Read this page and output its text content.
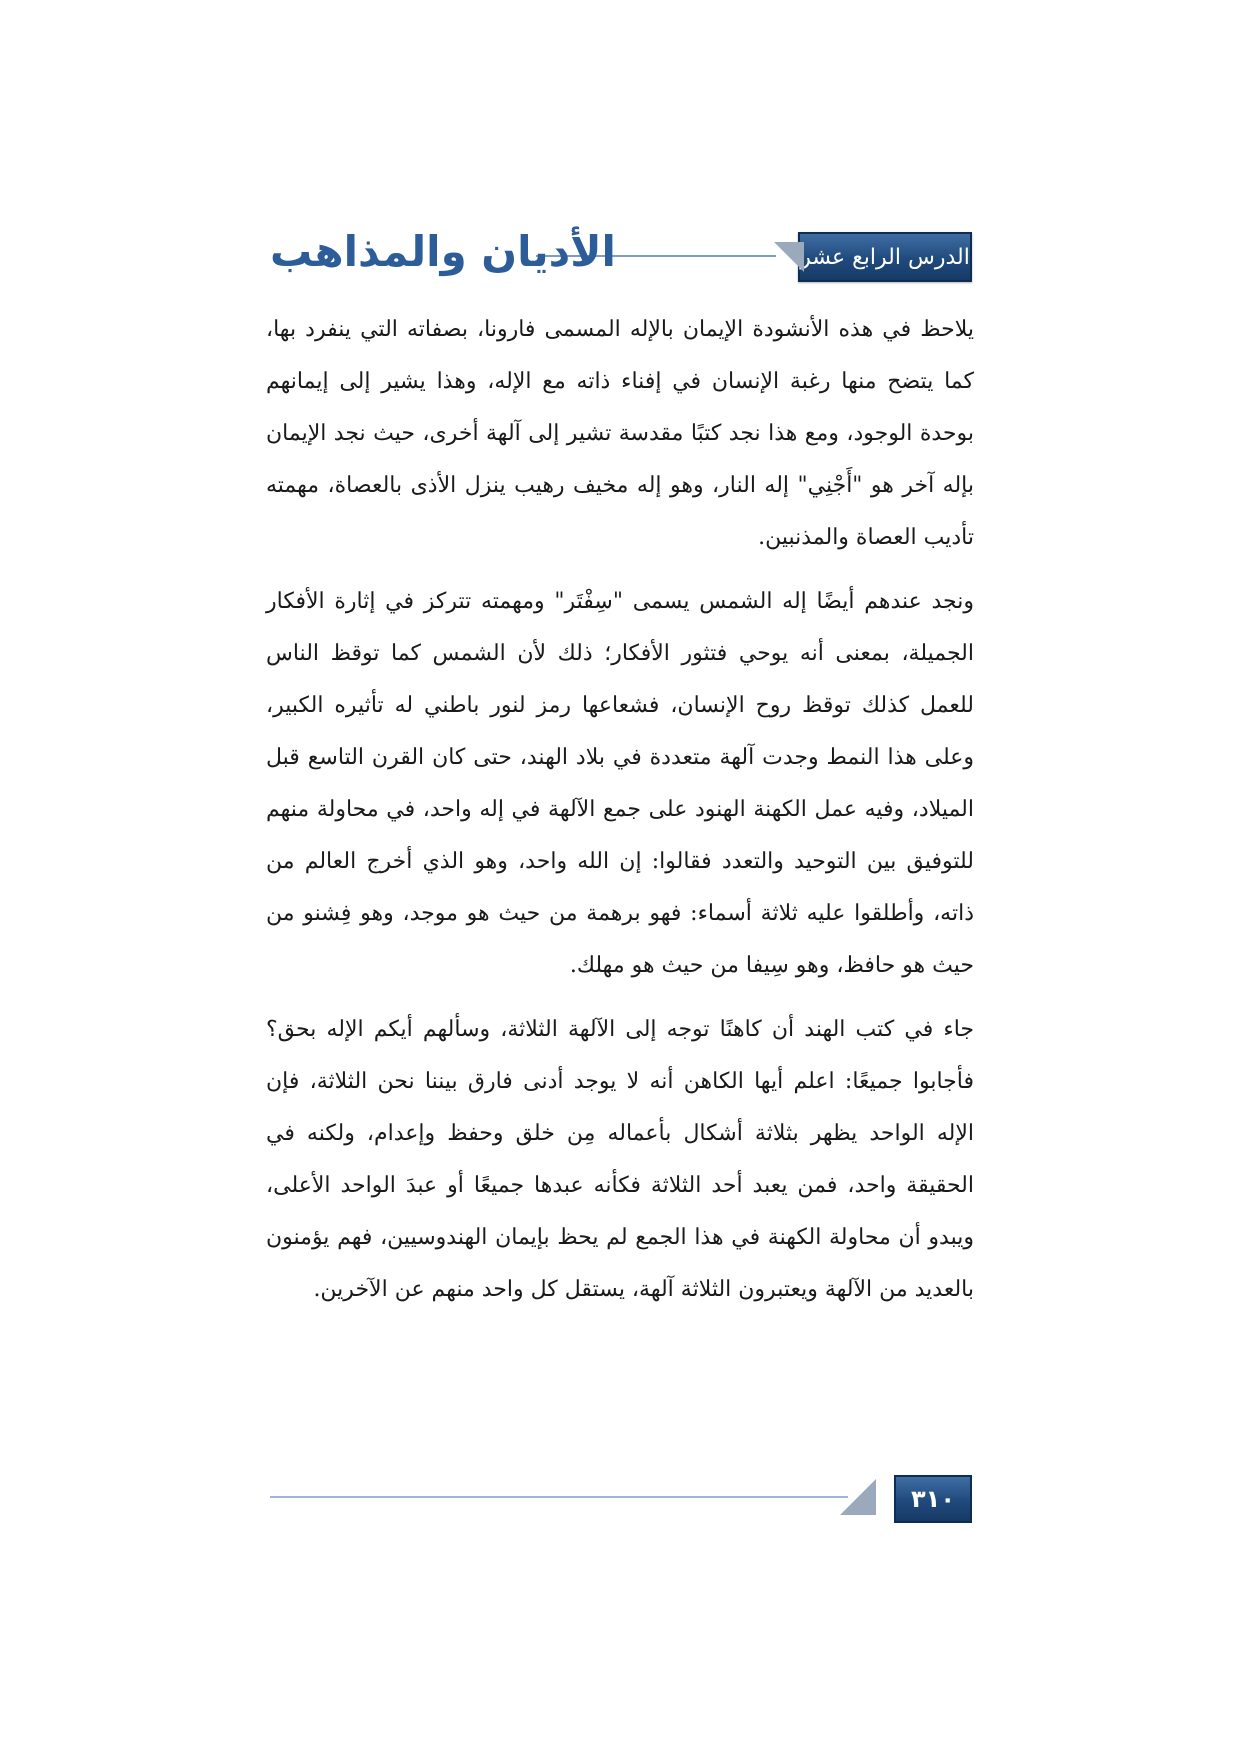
الدرس الرابع عشر
الأديان والمذاهب

يلاحظ في هذه الأنشودة الإيمان بالإله المسمى فارونا، بصفاته التي ينفرد بها، كما يتضح منها رغبة الإنسان في إفناء ذاته مع الإله، وهذا يشير إلى إيمانهم بوحدة الوجود، ومع هذا نجد كتبًا مقدسة تشير إلى آلهة أخرى، حيث نجد الإيمان بإله آخر هو "أَجْنِي" إله النار، وهو إله مخيف رهيب ينزل الأذى بالعصاة، مهمته تأديب العصاة والمذنبين.

ونجد عندهم أيضًا إله الشمس يسمى "سِفْتَر" ومهمته تتركز في إثارة الأفكار الجميلة، بمعنى أنه يوحي فتثور الأفكار؛ ذلك لأن الشمس كما توقظ الناس للعمل كذلك توقظ روح الإنسان، فشعاعها رمز لنور باطني له تأثيره الكبير، وعلى هذا النمط وجدت آلهة متعددة في بلاد الهند، حتى كان القرن التاسع قبل الميلاد، وفيه عمل الكهنة الهنود على جمع الآلهة في إله واحد، في محاولة منهم للتوفيق بين التوحيد والتعدد فقالوا: إن الله واحد، وهو الذي أخرج العالم من ذاته، وأطلقوا عليه ثلاثة أسماء: فهو برهمة من حيث هو موجد، وهو فِشنو من حيث هو حافظ، وهو سِيفا من حيث هو مهلك.

جاء في كتب الهند أن كاهنًا توجه إلى الآلهة الثلاثة، وسألهم أيكم الإله بحق؟ فأجابوا جميعًا: اعلم أيها الكاهن أنه لا يوجد أدنى فارق بيننا نحن الثلاثة، فإن الإله الواحد يظهر بثلاثة أشكال بأعماله مِن خلق وحفظ وإعدام، ولكنه في الحقيقة واحد، فمن يعبد أحد الثلاثة فكأنه عبدها جميعًا أو عبدَ الواحد الأعلى، ويبدو أن محاولة الكهنة في هذا الجمع لم يحظ بإيمان الهندوسيين، فهم يؤمنون بالعديد من الآلهة ويعتبرون الثلاثة آلهة، يستقل كل واحد منهم عن الآخرين.

٣١٠
